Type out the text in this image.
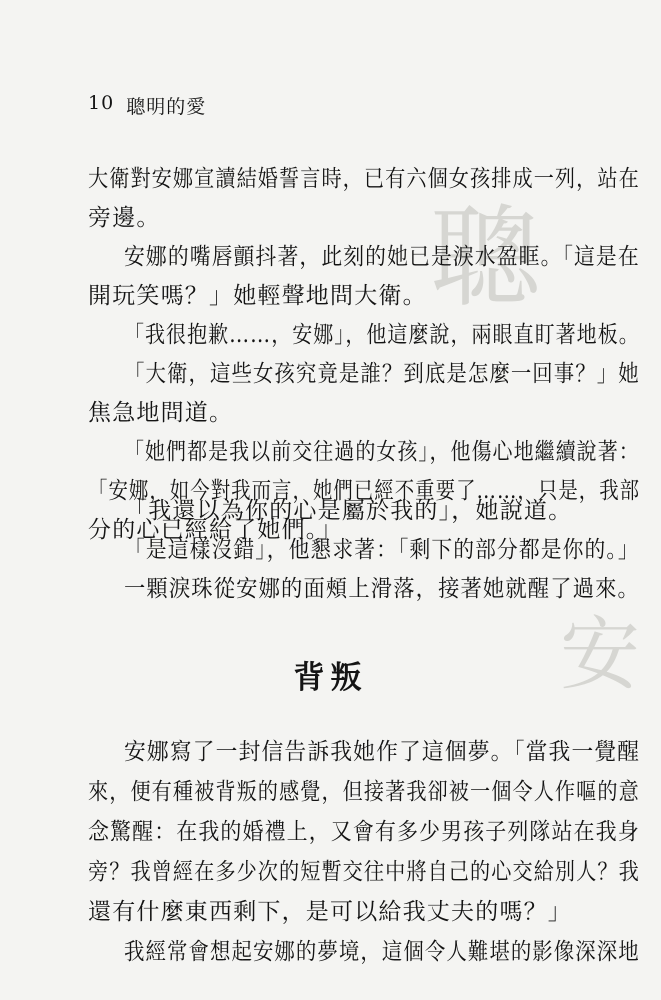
聰
安
10 聰明的愛
大衛對安娜宣讀結婚誓言時，已有六個女孩排成一列，站在
旁邊。
安娜的嘴唇顫抖著，此刻的她已是淚水盈眶。「這是在
開玩笑嗎？」她輕聲地問大衛。
「我很抱歉……，安娜」，他這麼說，兩眼直盯著地板。
「大衛，這些女孩究竟是誰？到底是怎麼一回事？」她
焦急地問道。
「她們都是我以前交往過的女孩」，他傷心地繼續說著：
「安娜，如今對我而言，她們已經不重要了……，只是，我部
分的心已經給了她們。」
「我還以為你的心是屬於我的」，她說道。
「是這樣沒錯」，他懇求著：「剩下的部分都是你的。」
一顆淚珠從安娜的面頰上滑落，接著她就醒了過來。
背叛
安娜寫了一封信告訴我她作了這個夢。「當我一覺醒
來，便有種被背叛的感覺，但接著我卻被一個令人作嘔的意
念驚醒：在我的婚禮上，又會有多少男孩子列隊站在我身
旁？我曾經在多少次的短暫交往中將自己的心交給別人？我
還有什麼東西剩下，是可以給我丈夫的嗎？」
我經常會想起安娜的夢境，這個令人難堪的影像深深地
